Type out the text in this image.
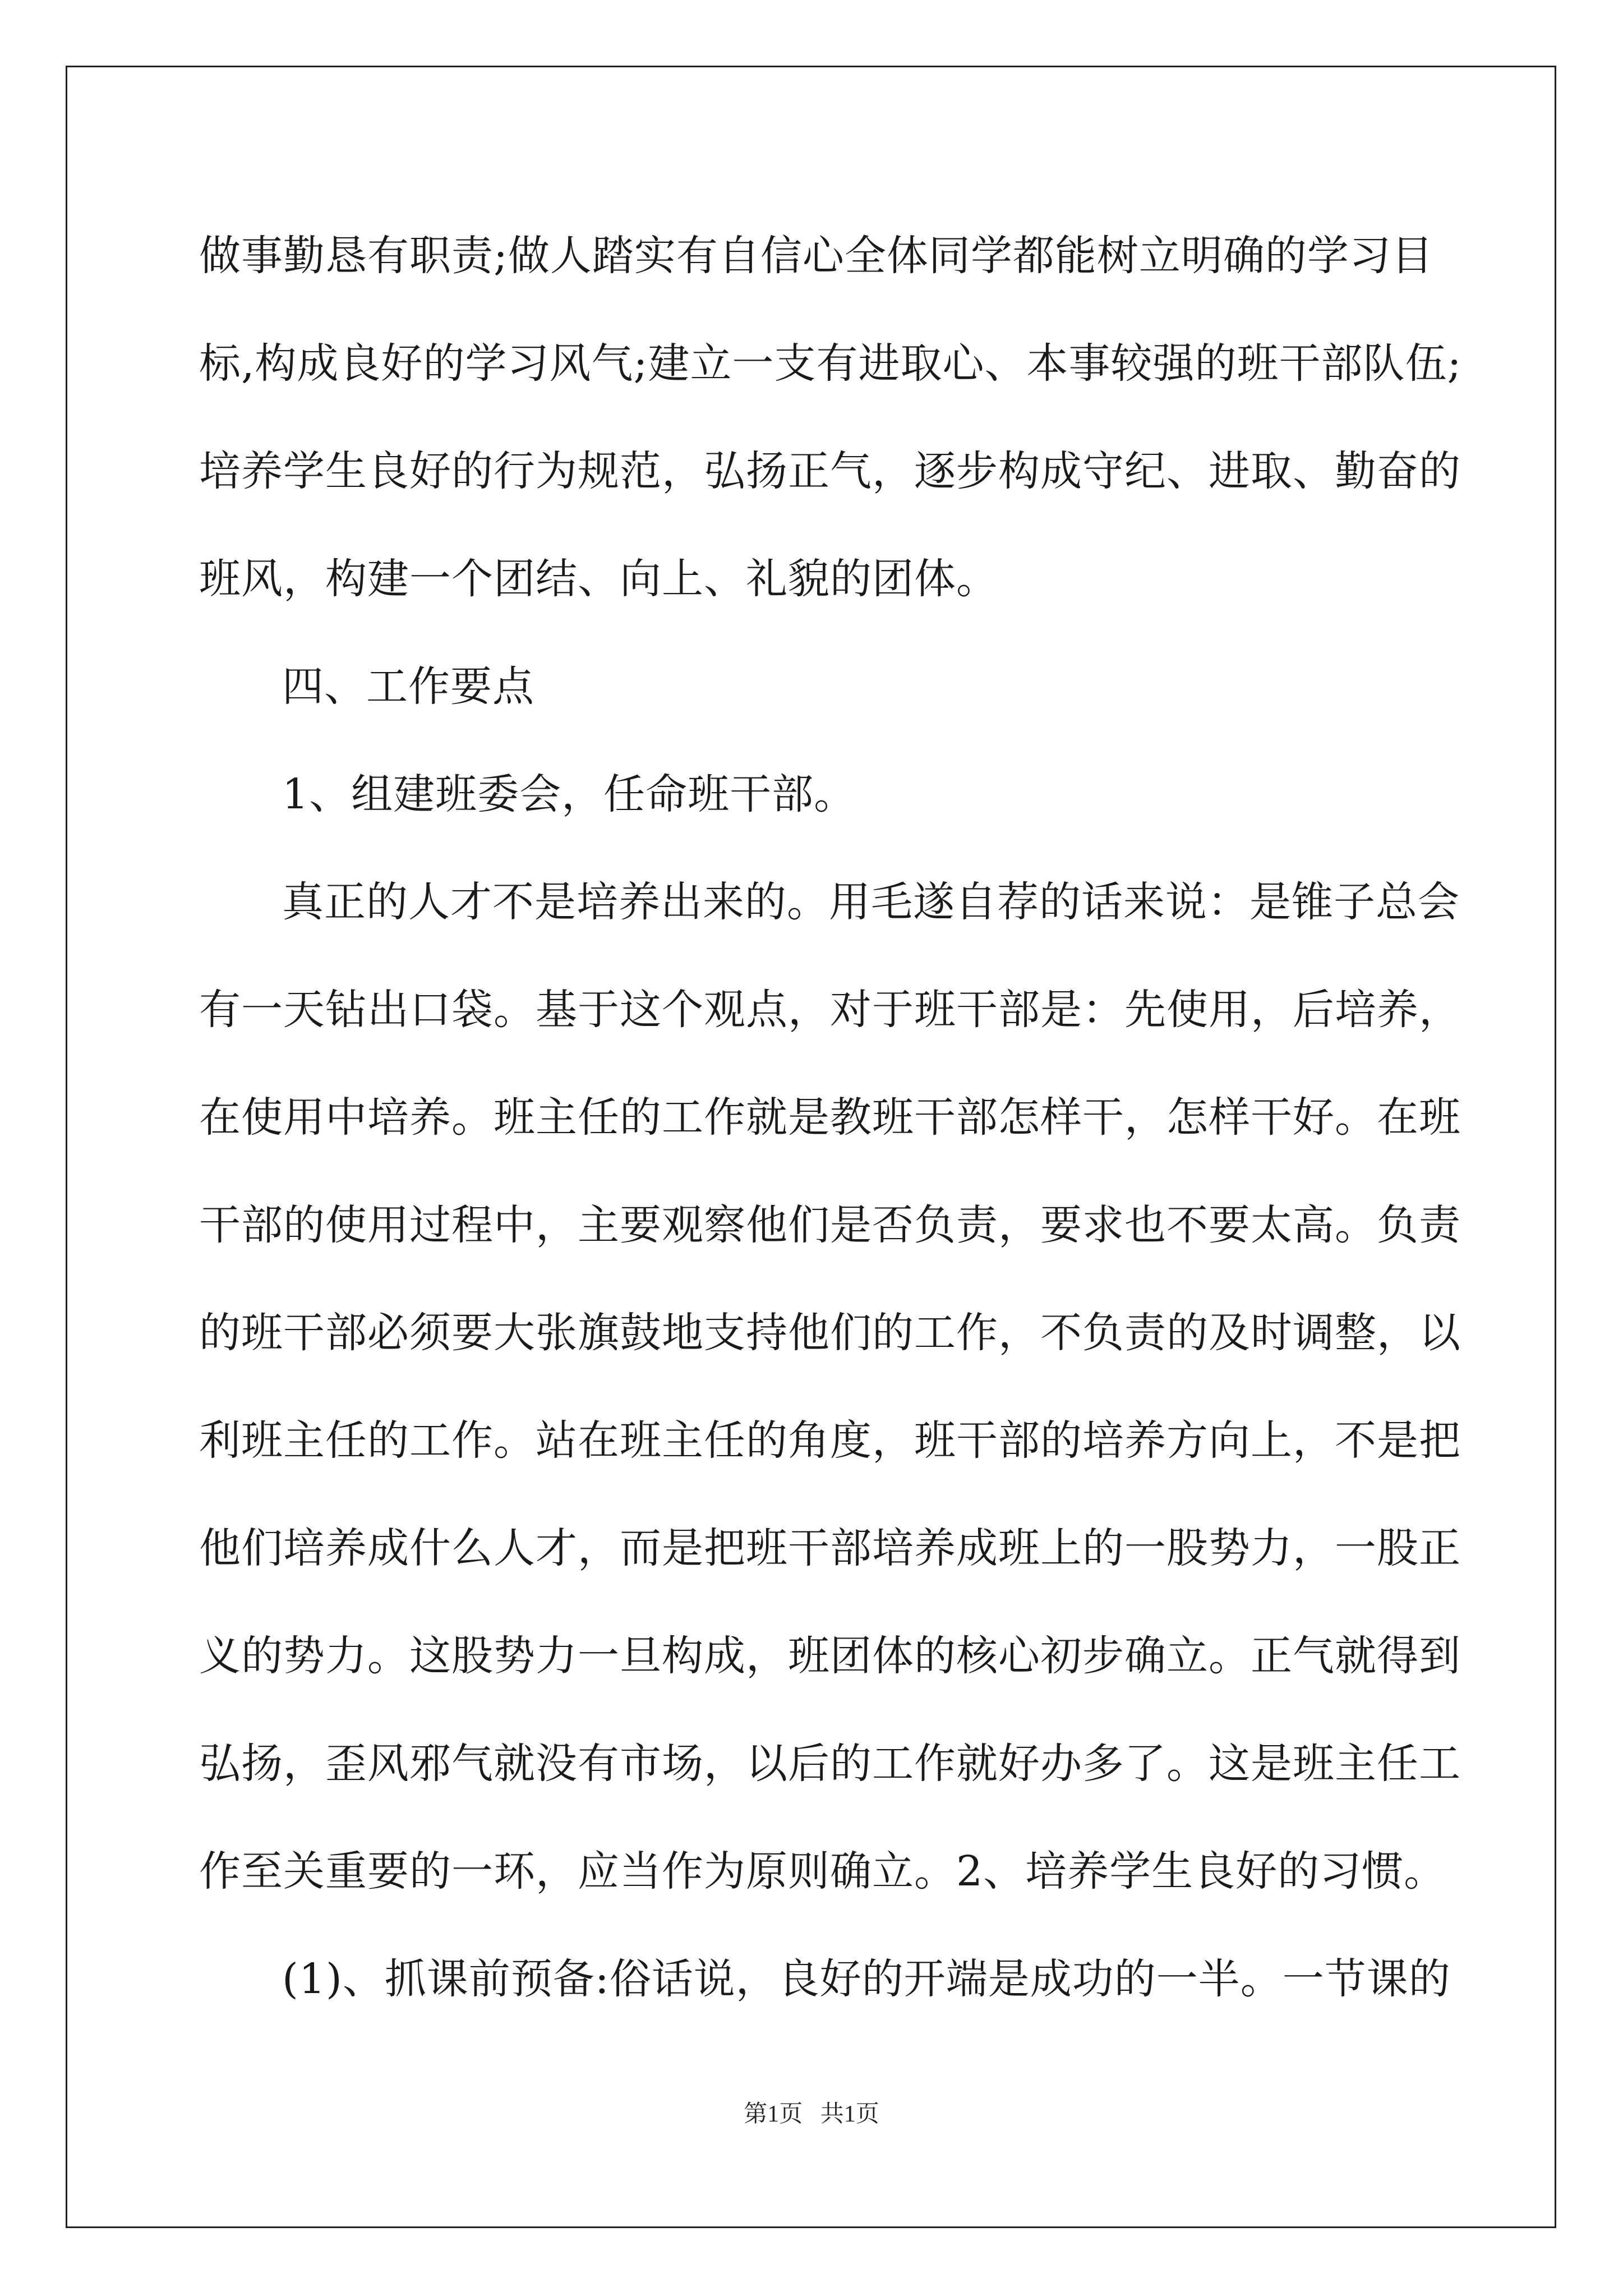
做事勤恳有职责;做人踏实有自信心全体同学都能树立明确的学习目
标,构成良好的学习风气;建立一支有进取心、本事较强的班干部队伍;
培养学生良好的行为规范，弘扬正气，逐步构成守纪、进取、勤奋的
班风，构建一个团结、向上、礼貌的团体。
四、工作要点
1、组建班委会，任命班干部。
真正的人才不是培养出来的。用毛遂自荐的话来说：是锥子总会
有一天钻出口袋。基于这个观点，对于班干部是：先使用，后培养，
在使用中培养。班主任的工作就是教班干部怎样干，怎样干好。在班
干部的使用过程中，主要观察他们是否负责，要求也不要太高。负责
的班干部必须要大张旗鼓地支持他们的工作，不负责的及时调整，以
利班主任的工作。站在班主任的角度，班干部的培养方向上，不是把
他们培养成什么人才，而是把班干部培养成班上的一股势力，一股正
义的势力。这股势力一旦构成，班团体的核心初步确立。正气就得到
弘扬，歪风邪气就没有市场，以后的工作就好办多了。这是班主任工
作至关重要的一环，应当作为原则确立。2、培养学生良好的习惯。
(1)、抓课前预备:俗话说，良好的开端是成功的一半。一节课的
第1页   共1页
